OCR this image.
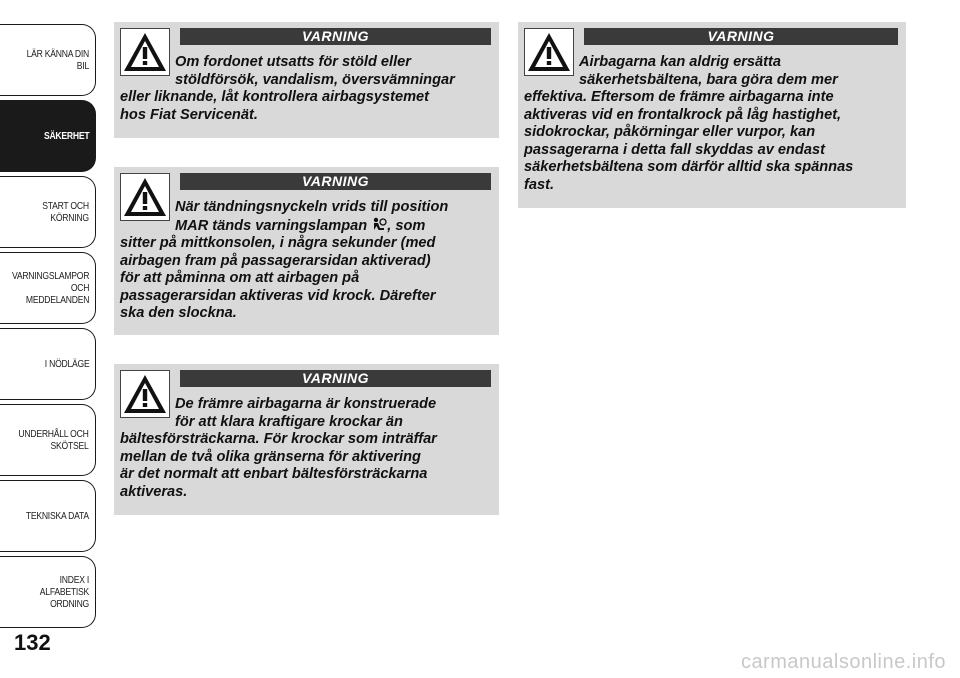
LÄR KÄNNA DIN BIL
SÄKERHET
START OCH
KÖRNING
VARNINGSLAMPOR
OCH
MEDDELANDEN
I NÖDLÄGE
UNDERHÅLL OCH
SKÖTSEL
TEKNISKA DATA
INDEX I ALFABETISK
ORDNING
132
VARNING
Om fordonet utsatts för stöld eller
stöldförsök, vandalism, översvämningar
eller liknande, låt kontrollera airbagsystemet
hos Fiat Servicenät.
VARNING
När tändningsnyckeln vrids till position
MAR tänds varningslampan , som
sitter på mittkonsolen, i några sekunder (med
airbagen fram på passagerarsidan aktiverad)
för att påminna om att airbagen på
passagerarsidan aktiveras vid krock. Därefter
ska den slockna.
VARNING
De främre airbagarna är konstruerade
för att klara kraftigare krockar än
bältesförsträckarna. För krockar som inträffar
mellan de två olika gränserna för aktivering
är det normalt att enbart bältesförsträckarna
aktiveras.
VARNING
Airbagarna kan aldrig ersätta
säkerhetsbältena, bara göra dem mer
effektiva. Eftersom de främre airbagarna inte
aktiveras vid en frontalkrock på låg hastighet,
sidokrockar, påkörningar eller vurpor, kan
passagerarna i detta fall skyddas av endast
säkerhetsbältena som därför alltid ska spännas
fast.
carmanualsonline.info
